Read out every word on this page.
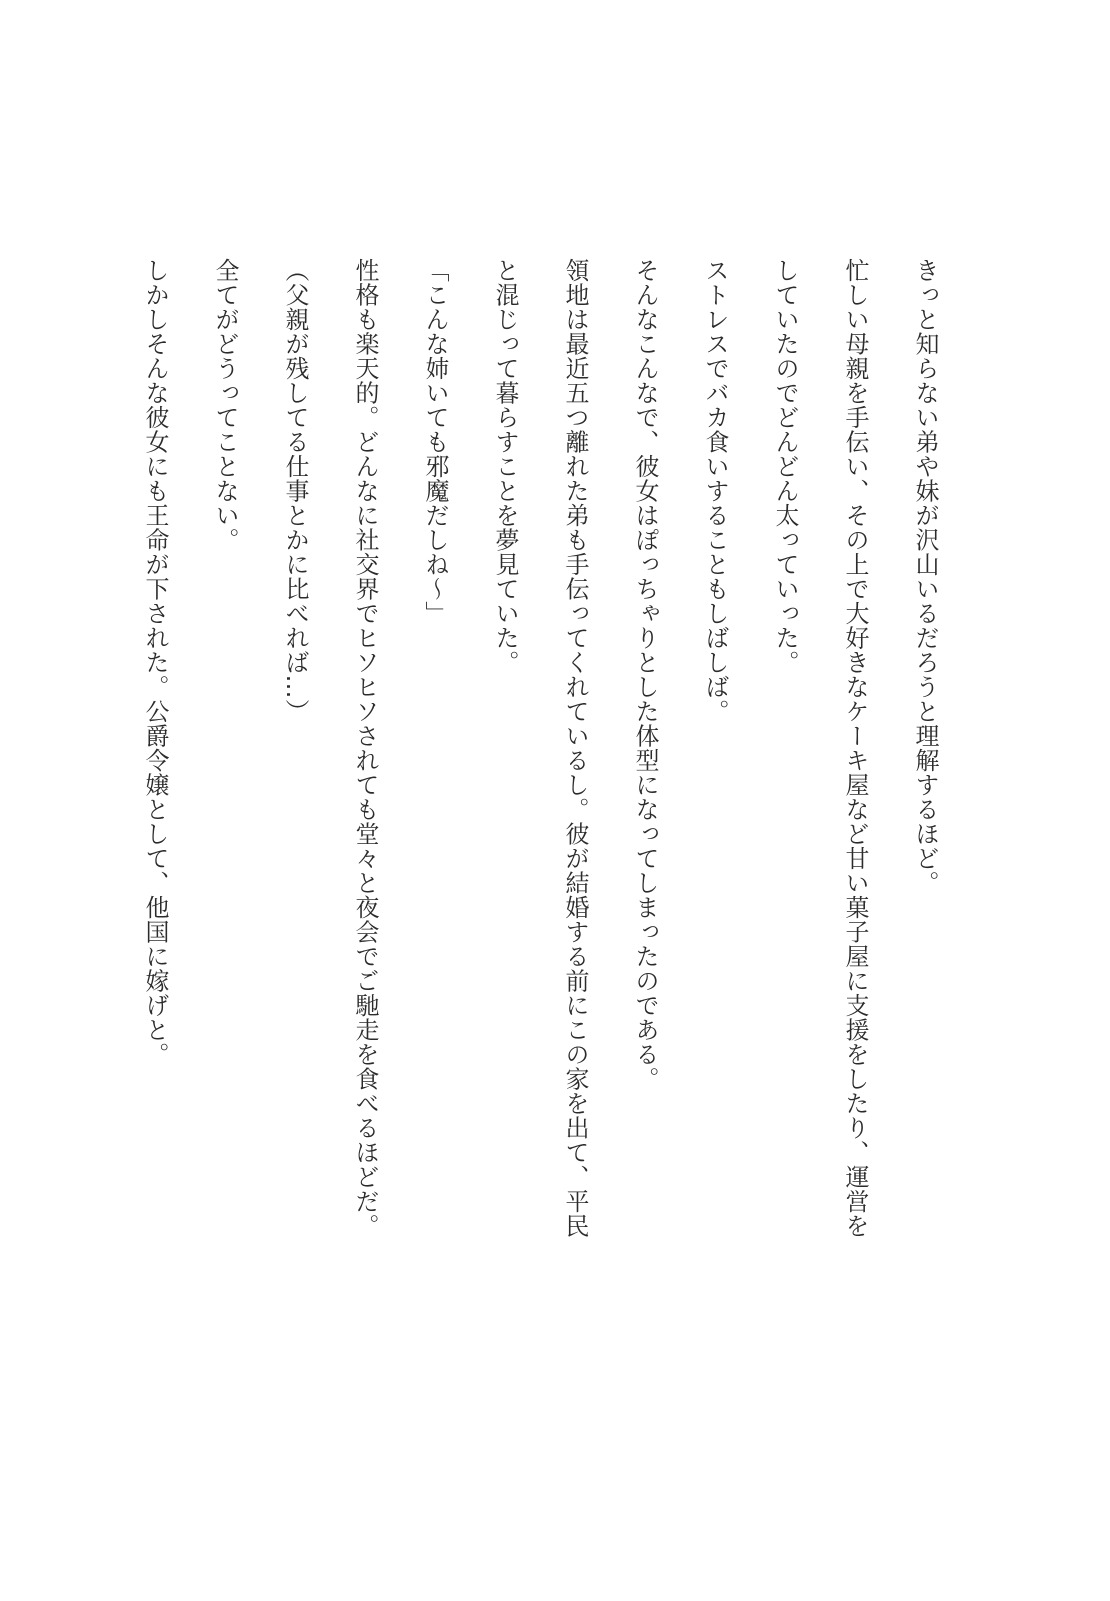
きっと知らない弟や妹が沢山いるだろうと理解するほど。
忙しい母親を手伝い、その上で大好きなケーキ屋など甘い菓子屋に支援をしたり、運営を
していたのでどんどん太っていった。
ストレスでバカ食いすることもしばしば。
そんなこんなで、彼女はぽっちゃりとした体型になってしまったのである。
領地は最近五つ離れた弟も手伝ってくれているし。彼が結婚する前にこの家を出て、平民
と混じって暮らすことを夢見ていた。
「こんな姉いても邪魔だしね～」
性格も楽天的。どんなに社交界でヒソヒソされても堂々と夜会でご馳走を食べるほどだ。
（父親が残してる仕事とかに比べれば…）
全てがどうってことない。
しかしそんな彼女にも王命が下された。公爵令嬢として、他国に嫁げと。
